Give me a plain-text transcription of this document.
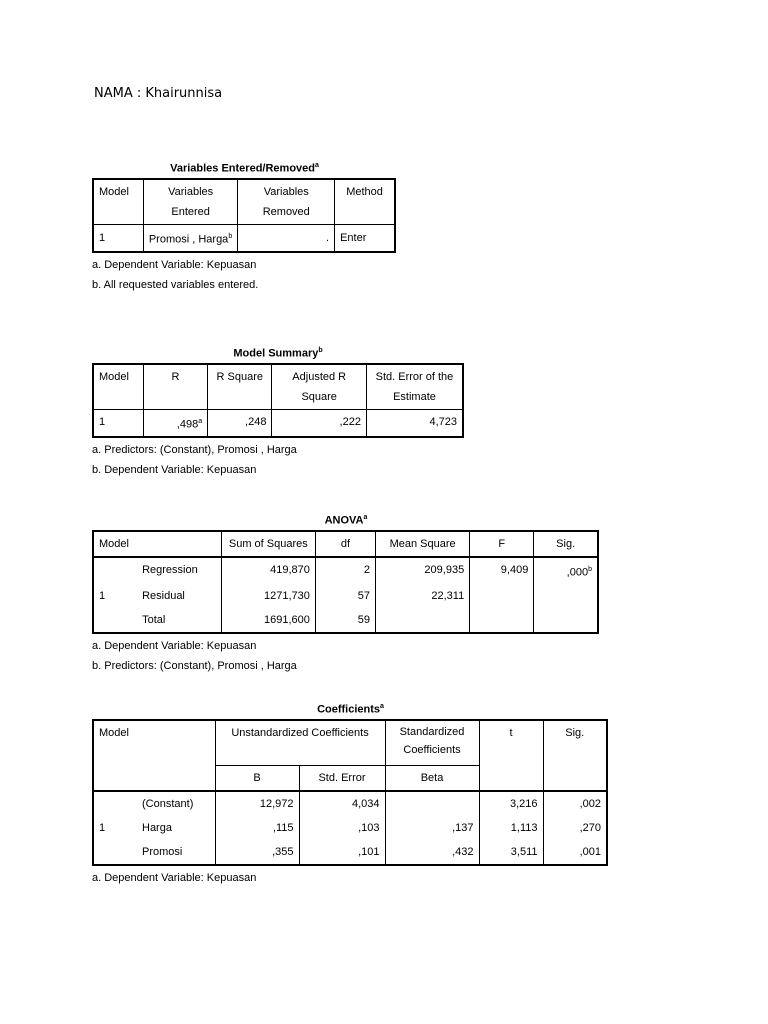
NAMA : Khairunnisa
Variables Entered/Removed$^a$
Model	Variables Entered	Variables Removed	Method
1	Promosi , Harga$^b$	.	Enter
a. Dependent Variable: Kepuasan
b. All requested variables entered.
Model Summary$^b$
Model	R	R Square	Adjusted R Square	Std. Error of the Estimate
1	,498$^a$	,248	,222	4,723
a. Predictors: (Constant), Promosi , Harga
b. Dependent Variable: Kepuasan
ANOVA$^a$
Model		Sum of Squares	df	Mean Square	F	Sig.
	Regression	419,870	2	209,935	9,409	,000$^b$
1	Residual	1271,730	57	22,311		
	Total	1691,600	59			
a. Dependent Variable: Kepuasan
b. Predictors: (Constant), Promosi , Harga
Coefficients$^a$
Model		Unstandardized Coefficients		Standardized Coefficients	t	Sig.
		B	Std. Error	Beta		
	(Constant)	12,972	4,034		3,216	,002
1	Harga	,115	,103	,137	1,113	,270
	Promosi	,355	,101	,432	3,511	,001
a. Dependent Variable: Kepuasan
